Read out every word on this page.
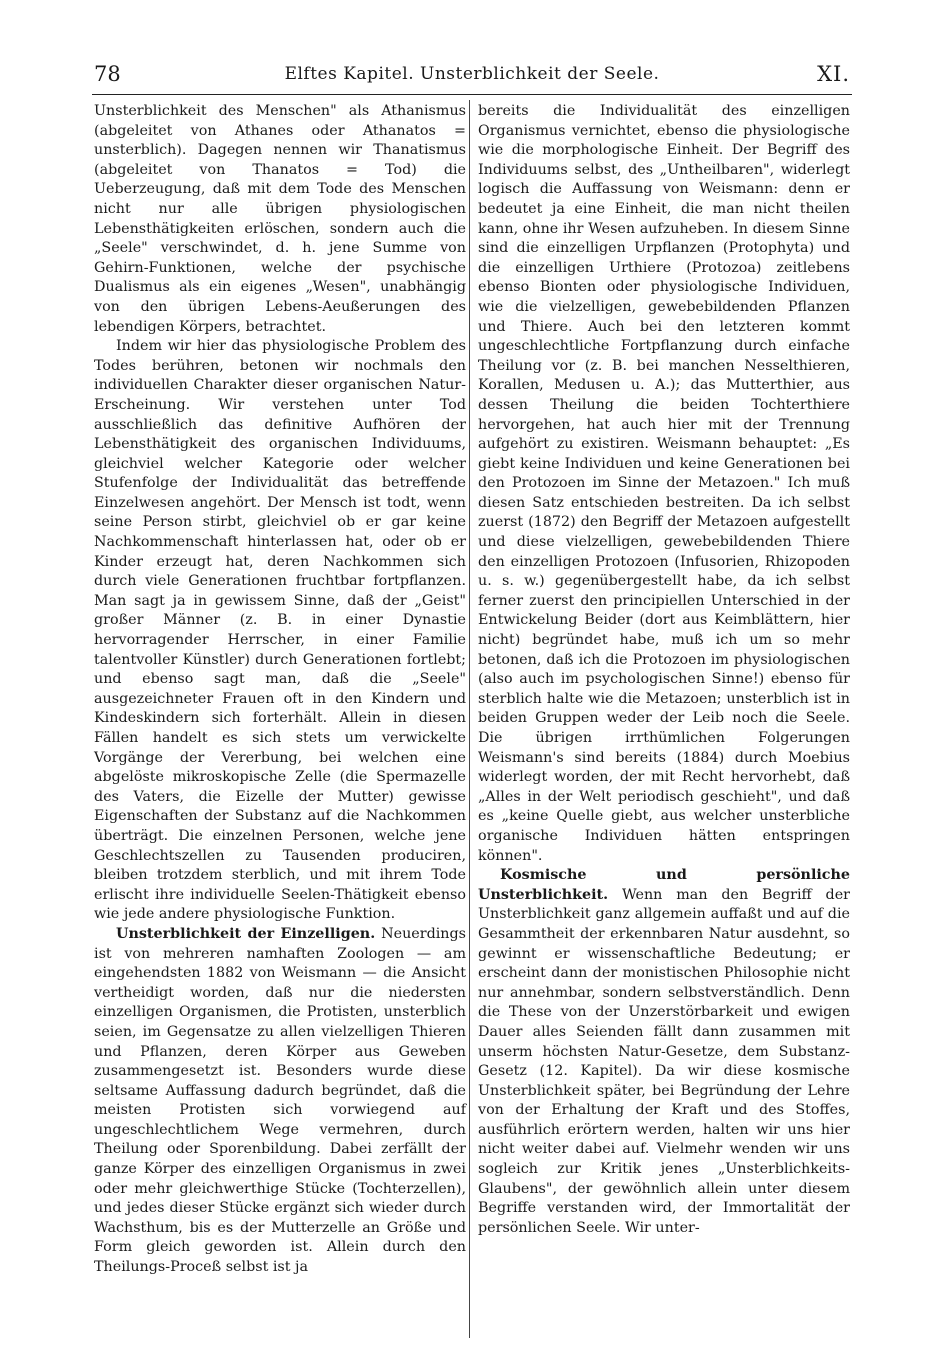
78	Elftes Kapitel. Unsterblichkeit der Seele.	XI.

Unsterblichkeit des Menschen" als Athanismus (abgeleitet von Athanes oder Athanatos = unsterblich). Dagegen nennen wir Thanatismus (abgeleitet von Thanatos = Tod) die Ueberzeugung, daß mit dem Tode des Menschen nicht nur alle übrigen physiologischen Lebensthätigkeiten erlöschen, sondern auch die „Seele" verschwindet, d. h. jene Summe von Gehirn-Funktionen, welche der psychische Dualismus als ein eigenes „Wesen", unabhängig von den übrigen Lebens-Aeußerungen des lebendigen Körpers, betrachtet.

Indem wir hier das physiologische Problem des Todes berühren, betonen wir nochmals den individuellen Charakter dieser organischen Natur-Erscheinung. Wir verstehen unter Tod ausschließlich das definitive Aufhören der Lebensthätigkeit des organischen Individuums, gleichviel welcher Kategorie oder welcher Stufenfolge der Individualität das betreffende Einzelwesen angehört. Der Mensch ist todt, wenn seine Person stirbt, gleichviel ob er gar keine Nachkommenschaft hinterlassen hat, oder ob er Kinder erzeugt hat, deren Nachkommen sich durch viele Generationen fruchtbar fortpflanzen. Man sagt ja in gewissem Sinne, daß der „Geist" großer Männer (z. B. in einer Dynastie hervorragender Herrscher, in einer Familie talentvoller Künstler) durch Generationen fortlebt; und ebenso sagt man, daß die „Seele" ausgezeichneter Frauen oft in den Kindern und Kindeskindern sich forterhält. Allein in diesen Fällen handelt es sich stets um verwickelte Vorgänge der Vererbung, bei welchen eine abgelöste mikroskopische Zelle (die Spermazelle des Vaters, die Eizelle der Mutter) gewisse Eigenschaften der Substanz auf die Nachkommen überträgt. Die einzelnen Personen, welche jene Geschlechtszellen zu Tausenden produciren, bleiben trotzdem sterblich, und mit ihrem Tode erlischt ihre individuelle Seelen-Thätigkeit ebenso wie jede andere physiologische Funktion.

Unsterblichkeit der Einzelligen. Neuerdings ist von mehreren namhaften Zoologen — am eingehendsten 1882 von Weismann — die Ansicht vertheidigt worden, daß nur die niedersten einzelligen Organismen, die Protisten, unsterblich seien, im Gegensatze zu allen vielzelligen Thieren und Pflanzen, deren Körper aus Geweben zusammengesetzt ist. Besonders wurde diese seltsame Auffassung dadurch begründet, daß die meisten Protisten sich vorwiegend auf ungeschlechtlichem Wege vermehren, durch Theilung oder Sporenbildung. Dabei zerfällt der ganze Körper des einzelligen Organismus in zwei oder mehr gleichwerthige Stücke (Tochterzellen), und jedes dieser Stücke ergänzt sich wieder durch Wachsthum, bis es der Mutterzelle an Größe und Form gleich geworden ist. Allein durch den Theilungs-Proceß selbst ist ja

bereits die Individualität des einzelligen Organismus vernichtet, ebenso die physiologische wie die morphologische Einheit. Der Begriff des Individuums selbst, des „Untheilbaren", widerlegt logisch die Auffassung von Weismann: denn er bedeutet ja eine Einheit, die man nicht theilen kann, ohne ihr Wesen aufzuheben. In diesem Sinne sind die einzelligen Urpflanzen (Protophyta) und die einzelligen Urthiere (Protozoa) zeitlebens ebenso Bionten oder physiologische Individuen, wie die vielzelligen, gewebebildenden Pflanzen und Thiere. Auch bei den letzteren kommt ungeschlechtliche Fortpflanzung durch einfache Theilung vor (z. B. bei manchen Nesselthieren, Korallen, Medusen u. A.); das Mutterthier, aus dessen Theilung die beiden Tochterthiere hervorgehen, hat auch hier mit der Trennung aufgehört zu existiren. Weismann behauptet: „Es giebt keine Individuen und keine Generationen bei den Protozoen im Sinne der Metazoen." Ich muß diesen Satz entschieden bestreiten. Da ich selbst zuerst (1872) den Begriff der Metazoen aufgestellt und diese vielzelligen, gewebebildenden Thiere den einzelligen Protozoen (Infusorien, Rhizopoden u. s. w.) gegenübergestellt habe, da ich selbst ferner zuerst den principiellen Unterschied in der Entwickelung Beider (dort aus Keimblättern, hier nicht) begründet habe, muß ich um so mehr betonen, daß ich die Protozoen im physiologischen (also auch im psychologischen Sinne!) ebenso für sterblich halte wie die Metazoen; unsterblich ist in beiden Gruppen weder der Leib noch die Seele. Die übrigen irrthümlichen Folgerungen Weismann's sind bereits (1884) durch Moebius widerlegt worden, der mit Recht hervorhebt, daß „Alles in der Welt periodisch geschieht", und daß es „keine Quelle giebt, aus welcher unsterbliche organische Individuen hätten entspringen können".

Kosmische und persönliche Unsterblichkeit. Wenn man den Begriff der Unsterblichkeit ganz allgemein auffaßt und auf die Gesammtheit der erkennbaren Natur ausdehnt, so gewinnt er wissenschaftliche Bedeutung; er erscheint dann der monistischen Philosophie nicht nur annehmbar, sondern selbstverständlich. Denn die These von der Unzerstörbarkeit und ewigen Dauer alles Seienden fällt dann zusammen mit unserm höchsten Natur-Gesetze, dem Substanz-Gesetz (12. Kapitel). Da wir diese kosmische Unsterblichkeit später, bei Begründung der Lehre von der Erhaltung der Kraft und des Stoffes, ausführlich erörtern werden, halten wir uns hier nicht weiter dabei auf. Vielmehr wenden wir uns sogleich zur Kritik jenes „Unsterblichkeits-Glaubens", der gewöhnlich allein unter diesem Begriffe verstanden wird, der Immortalität der persönlichen Seele. Wir unter-
